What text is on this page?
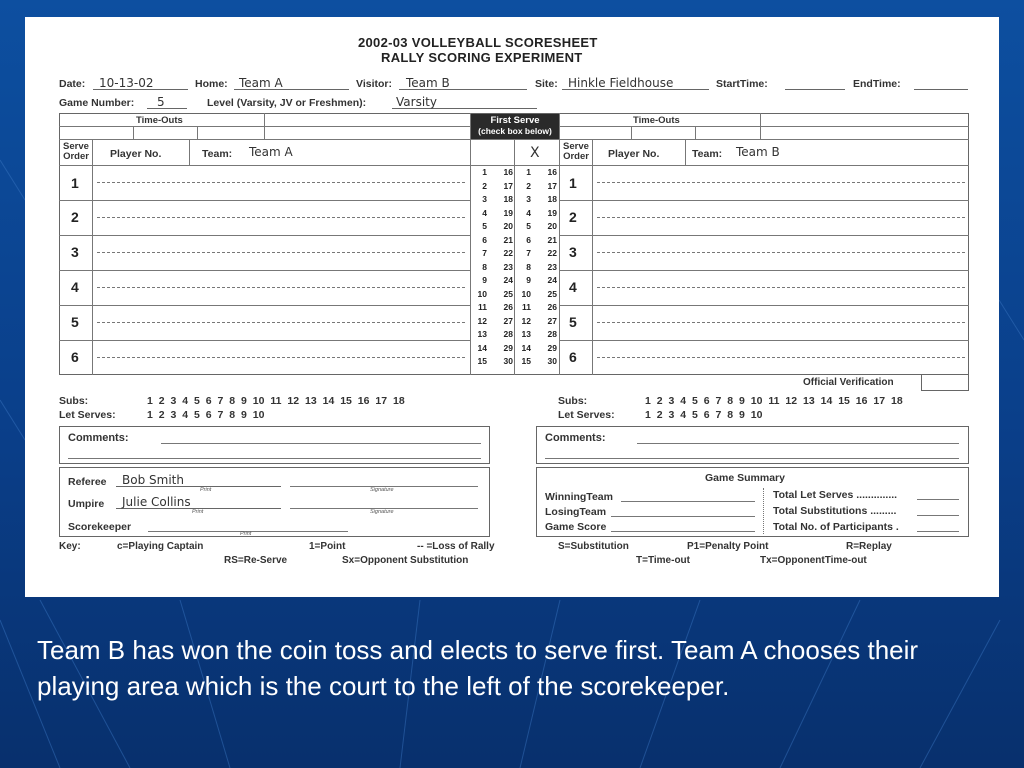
2002-03 VOLLEYBALL SCORESHEET
RALLY SCORING EXPERIMENT
Date:	10-13-02	Home: Team A	Visitor:	Team B	Site: Hinkle Fieldhouse	StartTime:	EndTime:
Game Number:	5	Level (Varsity, JV or Freshmen):	Varsity
Time-Outs	Time-Outs
First Serve
(check box below)
Serve Order Player No.	Team: Team A	X	Serve Order Player No.	Team: Team B
1
2
3
4
5
6
1
2
3
4
5
6
1	16	1	16
2	17	2	17
3	18	3	18
4	19	4	19
5	20	5	20
6	21	6	21
7	22	7	22
8	23	8	23
9	24	9	24
10	25	10	25
11	26	11	26
12	27	12	27
13	28	13	28
14	29	14	29
15	30	15	30
Official Verification
Subs:	1 2 3 4 5 6 7 8 9 10 11 12 13 14 15 16 17 18
Let Serves:	1 2 3 4 5 6 7 8 9 10
Subs:	1 2 3 4 5 6 7 8 9 10 11 12 13 14 15 16 17 18
Let Serves:	1 2 3 4 5 6 7 8 9 10
Comments:	Comments:
Referee	Bob Smith
Print	Signature
Umpire	Julie Collins
Print	Signature
Scorekeeper
Print
Game Summary
WinningTeam
LosingTeam
Game Score
Total Let Serves ..............
Total Substitutions .........
Total No. of Participants .
Key:	c=Playing Captain	1=Point	-- =Loss of Rally	S=Substitution	P1=Penalty Point	R=Replay
RS=Re-Serve	Sx=Opponent Substitution	T=Time-out	Tx=OpponentTime-out
Team B has won the coin toss and elects to serve first. Team A chooses their playing area which is the court to the left of the scorekeeper.
